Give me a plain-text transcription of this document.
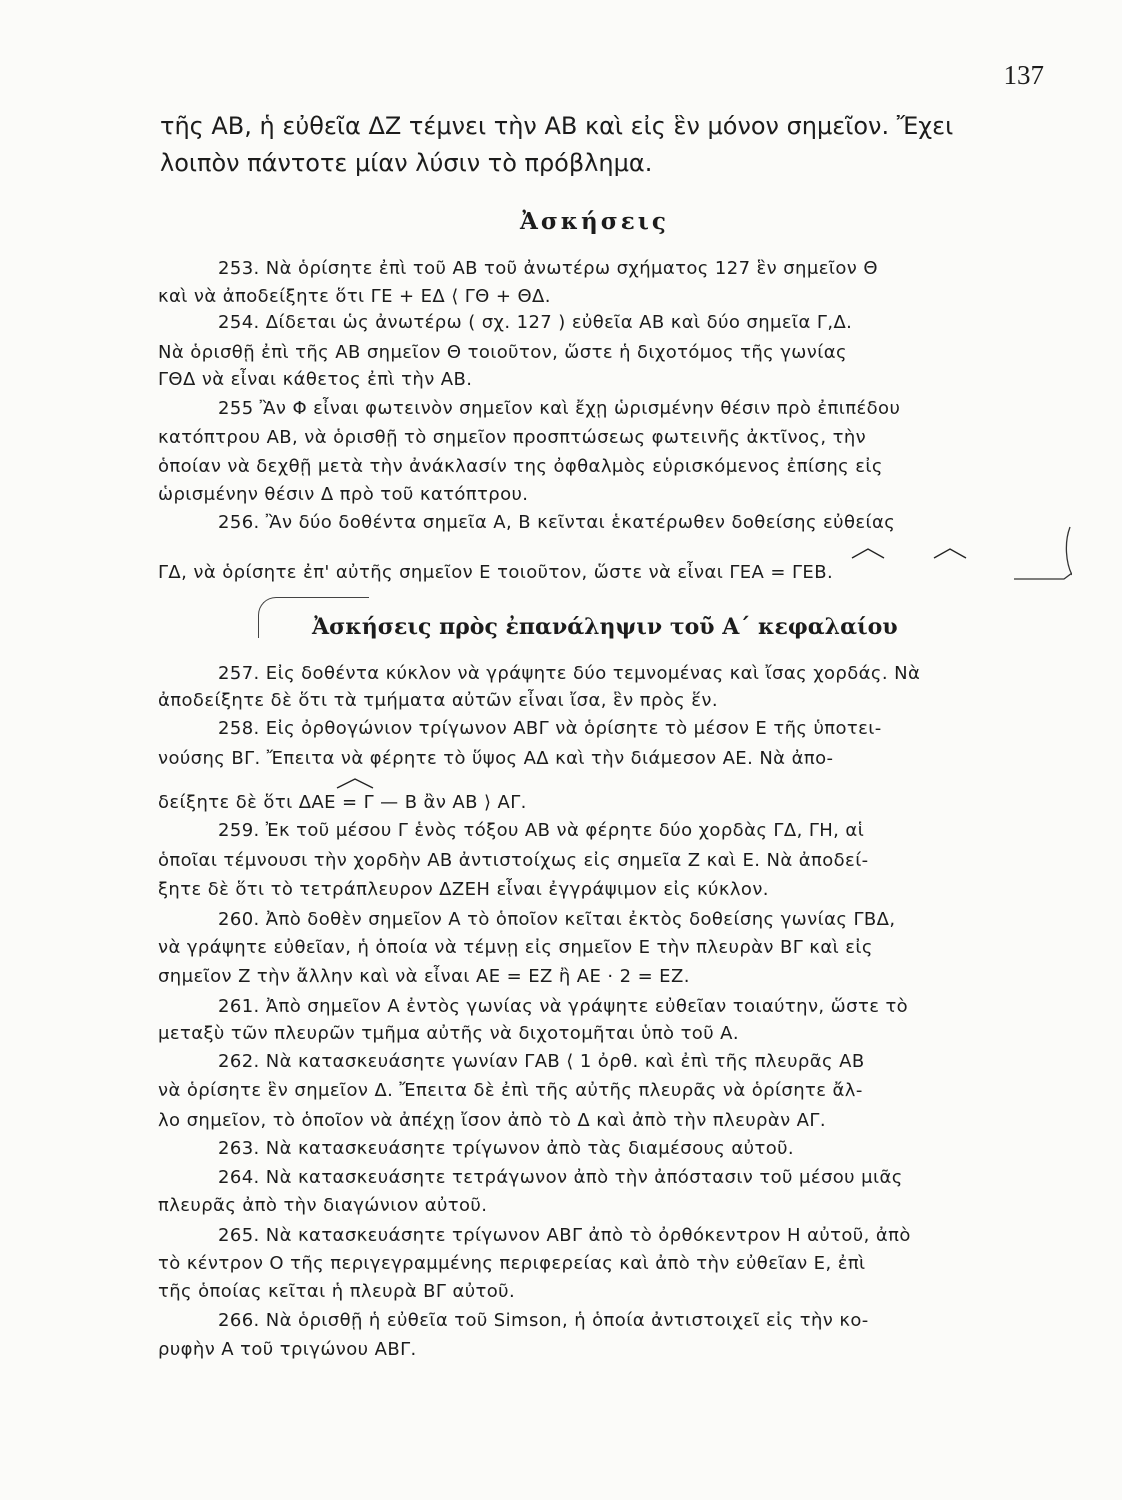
137
τῆς ΑΒ, ἡ εὐθεῖα ΔΖ τέμνει τὴν ΑΒ καὶ εἰς ἓν μόνον σημεῖον. Ἔχει
λοιπὸν πάντοτε μίαν λύσιν τὸ πρόβλημα.
Ἀσκήσεις
253. Νὰ ὁρίσητε ἐπὶ τοῦ ΑΒ τοῦ ἀνωτέρω σχήματος 127 ἓν σημεῖον Θ
καὶ νὰ ἀποδείξητε ὅτι ΓΕ + ΕΔ ⟨ ΓΘ + ΘΔ.
254. Δίδεται ὡς ἀνωτέρω ( σχ. 127 ) εὐθεῖα ΑΒ καὶ δύο σημεῖα Γ,Δ.
Νὰ ὁρισθῇ ἐπὶ τῆς ΑΒ σημεῖον Θ τοιοῦτον, ὥστε ἡ διχοτόμος τῆς γωνίας
ΓΘΔ νὰ εἶναι κάθετος ἐπὶ τὴν ΑΒ.
255 Ἂν Φ εἶναι φωτεινὸν σημεῖον καὶ ἔχῃ ὡρισμένην θέσιν πρὸ ἐπιπέδου
κατόπτρου ΑΒ, νὰ ὁρισθῇ τὸ σημεῖον προσπτώσεως φωτεινῆς ἀκτῖνος, τὴν
ὁποίαν νὰ δεχθῇ μετὰ τὴν ἀνάκλασίν της ὀφθαλμὸς εὑρισκόμενος ἐπίσης εἰς
ὡρισμένην θέσιν Δ πρὸ τοῦ κατόπτρου.
256. Ἂν δύο δοθέντα σημεῖα Α, Β κεῖνται ἑκατέρωθεν δοθείσης εὐθείας
ΓΔ, νὰ ὁρίσητε ἐπ' αὐτῆς σημεῖον Ε τοιοῦτον, ὥστε νὰ εἶναι ΓΕΑ = ΓΕΒ.
Ἀσκήσεις πρὸς ἐπανάληψιν τοῦ Α΄ κεφαλαίου
257. Εἰς δοθέντα κύκλον νὰ γράψητε δύο τεμνομένας καὶ ἴσας χορδάς. Νὰ
ἀποδείξητε δὲ ὅτι τὰ τμήματα αὐτῶν εἶναι ἴσα, ἓν πρὸς ἕν.
258. Εἰς ὀρθογώνιον τρίγωνον ΑΒΓ νὰ ὁρίσητε τὸ μέσον Ε τῆς ὑποτει-
νούσης ΒΓ. Ἔπειτα νὰ φέρητε τὸ ὕψος ΑΔ καὶ τὴν διάμεσον ΑΕ. Νὰ ἀπο-
δείξητε δὲ ὅτι ΔΑΕ = Γ — Β ἂν ΑΒ ⟩ ΑΓ.
259. Ἐκ τοῦ μέσου Γ ἑνὸς τόξου ΑΒ νὰ φέρητε δύο χορδὰς ΓΔ, ΓΗ, αἱ
ὁποῖαι τέμνουσι τὴν χορδὴν ΑΒ ἀντιστοίχως εἰς σημεῖα Ζ καὶ Ε. Νὰ ἀποδεί-
ξητε δὲ ὅτι τὸ τετράπλευρον ΔΖΕΗ εἶναι ἐγγράψιμον εἰς κύκλον.
260. Ἀπὸ δοθὲν σημεῖον Α τὸ ὁποῖον κεῖται ἐκτὸς δοθείσης γωνίας ΓΒΔ,
νὰ γράψητε εὐθεῖαν, ἡ ὁποία νὰ τέμνῃ εἰς σημεῖον Ε τὴν πλευρὰν ΒΓ καὶ εἰς
σημεῖον Ζ τὴν ἄλλην καὶ νὰ εἶναι ΑΕ = ΕΖ ἢ ΑΕ · 2 = ΕΖ.
261. Ἀπὸ σημεῖον Α ἐντὸς γωνίας νὰ γράψητε εὐθεῖαν τοιαύτην, ὥστε τὸ
μεταξὺ τῶν πλευρῶν τμῆμα αὐτῆς νὰ διχοτομῆται ὑπὸ τοῦ Α.
262. Νὰ κατασκευάσητε γωνίαν ΓΑΒ ⟨ 1 ὀρθ. καὶ ἐπὶ τῆς πλευρᾶς ΑΒ
νὰ ὁρίσητε ἓν σημεῖον Δ. Ἔπειτα δὲ ἐπὶ τῆς αὐτῆς πλευρᾶς νὰ ὁρίσητε ἄλ-
λο σημεῖον, τὸ ὁποῖον νὰ ἀπέχῃ ἴσον ἀπὸ τὸ Δ καὶ ἀπὸ τὴν πλευρὰν ΑΓ.
263. Νὰ κατασκευάσητε τρίγωνον ἀπὸ τὰς διαμέσους αὐτοῦ.
264. Νὰ κατασκευάσητε τετράγωνον ἀπὸ τὴν ἀπόστασιν τοῦ μέσου μιᾶς
πλευρᾶς ἀπὸ τὴν διαγώνιον αὐτοῦ.
265. Νὰ κατασκευάσητε τρίγωνον ΑΒΓ ἀπὸ τὸ ὀρθόκεντρον Η αὐτοῦ, ἀπὸ
τὸ κέντρον Ο τῆς περιγεγραμμένης περιφερείας καὶ ἀπὸ τὴν εὐθεῖαν Ε, ἐπὶ
τῆς ὁποίας κεῖται ἡ πλευρὰ ΒΓ αὐτοῦ.
266. Νὰ ὁρισθῇ ἡ εὐθεῖα τοῦ Simson, ἡ ὁποία ἀντιστοιχεῖ εἰς τὴν κο-
ρυφὴν Α τοῦ τριγώνου ΑΒΓ.
